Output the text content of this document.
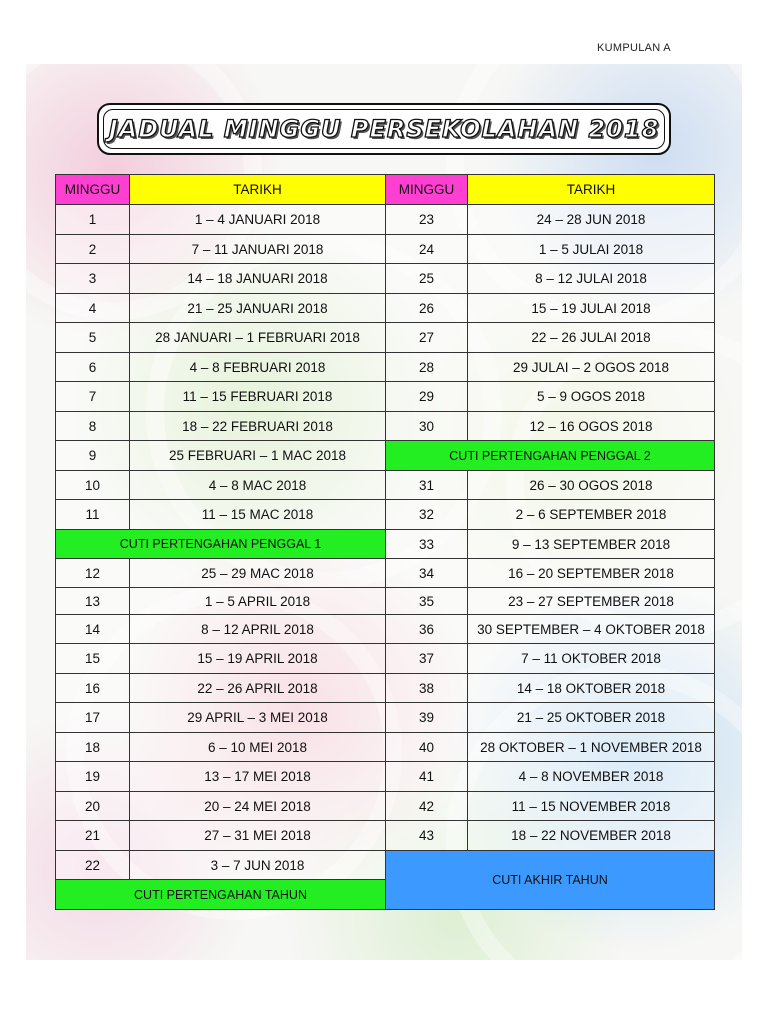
KUMPULAN A
JADUAL MINGGU PERSEKOLAHAN 2018
MINGGU	TARIKH	MINGGU	TARIKH
1	1 – 4 JANUARI 2018	23	24 – 28 JUN 2018
2	7 – 11 JANUARI 2018	24	1 – 5 JULAI 2018
3	14 – 18 JANUARI 2018	25	8 – 12 JULAI 2018
4	21 – 25 JANUARI 2018	26	15 – 19 JULAI 2018
5	28 JANUARI – 1 FEBRUARI 2018	27	22 – 26 JULAI 2018
6	4 – 8 FEBRUARI 2018	28	29 JULAI – 2 OGOS 2018
7	11 – 15 FEBRUARI 2018	29	5 – 9 OGOS 2018
8	18 – 22 FEBRUARI 2018	30	12 – 16 OGOS 2018
9	25 FEBRUARI – 1 MAC 2018	CUTI PERTENGAHAN PENGGAL 2	
10	4 – 8 MAC 2018	31	26 – 30 OGOS 2018
11	11 – 15 MAC 2018	32	2 – 6 SEPTEMBER 2018
CUTI PERTENGAHAN PENGGAL 1		33	9 – 13 SEPTEMBER 2018
12	25 – 29 MAC 2018	34	16 – 20 SEPTEMBER 2018
13	1 – 5 APRIL 2018	35	23 – 27 SEPTEMBER 2018
14	8 – 12 APRIL 2018	36	30 SEPTEMBER – 4 OKTOBER 2018
15	15 – 19 APRIL 2018	37	7 – 11 OKTOBER 2018
16	22 – 26 APRIL 2018	38	14 – 18 OKTOBER 2018
17	29 APRIL – 3 MEI 2018	39	21 – 25 OKTOBER 2018
18	6 – 10 MEI 2018	40	28 OKTOBER – 1 NOVEMBER 2018
19	13 – 17 MEI 2018	41	4 – 8 NOVEMBER 2018
20	20 – 24 MEI 2018	42	11 – 15 NOVEMBER 2018
21	27 – 31 MEI 2018	43	18 – 22 NOVEMBER 2018
22	3 – 7 JUN 2018	CUTI AKHIR TAHUN	
CUTI PERTENGAHAN TAHUN			
